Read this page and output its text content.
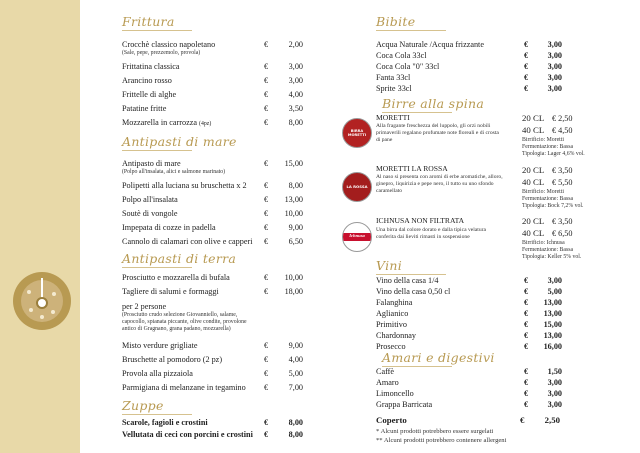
Frittura
Crocchè classico napoletano
(Sale, pepe, prezzemolo, provola)
€	2,00
Frittatina classica	€	3,00
Arancino rosso	€	3,00
Frittelle di alghe	€	4,00
Patatine fritte	€	3,50
Mozzarella in carrozza (4pz)	€	8,00
Antipasti di mare
Antipasto di mare
(Polpo all'insalata, alici e salmone marinato)
€	15,00
Polipetti alla luciana su bruschetta x 2 €	8,00
Polpo all'insalata	€	13,00
Soutè di vongole	€	10,00
Impepata di cozze in padella	€	9,00
Cannolo di calamari con olive e capperi €	6,50
Antipasti di terra
Prosciutto e mozzarella di bufala	€	10,00
Tagliere di salumi e formaggi	€	18,00
per 2 persone
(Prosciutto crudo selezione Giovanniello, salame,
capocollo, spianata piccante, olive condite, provolone
antico di Gragnano, grana padano, mozzarella)
Misto verdure grigliate	€	9,00
Bruschette al pomodoro (2 pz)	€	4,00
Provola alla pizzaiola	€	5,00
Parmigiana di melanzane in tegamino €	7,00
Zuppe
Scarole, fagioli e crostini	€	8,00
Vellutata di ceci con porcini e crostini €	8,00
Bibite
Acqua Naturale /Acqua frizzante	€	3,00
Coca Cola 33cl	€	3,00
Coca Cola "0" 33cl	€	3,00
Fanta 33cl	€	3,00
Sprite 33cl	€	3,00
Birre alla spina
BIRRA MORETTI
MORETTI
Alla fragante freschezza del luppolo, gli orzi nobili primaverili regalano profumate note floreali e di crosta di pane
20 CL € 2,50
40 CL € 4,50
Birrificio: Moretti
Fermentazione: Bassa
Tipologia: Lager 4,6% vol.
LA ROSSA
MORETTI LA ROSSA
Al naso si presenta con aromi di erbe aromatiche, alloro, ginepro, liquirizia e pepe nero, il tutto su uno sfondo caramellato
20 CL € 3,50
40 CL € 5,50
Birrificio: Moretti
Fermentazione: Bassa
Tipologia: Bock 7,2% vol.
Ichnusa
ICHNUSA NON FILTRATA
Una birra dal colore dorato e dalla tipica velatura conferita dai lieviti rimasti in sospensione
20 CL € 3,50
40 CL € 6,50
Birrificio: Ichnusa
Fermentazione: Bassa
Tipologia: Keller 5% vol.
Vini
Vino della casa 1/4	€	3,00
Vino della casa 0,50 cl	€	5,00
Falanghina	€	13,00
Aglianico	€	13,00
Primitivo	€	15,00
Chardonnay	€	13,00
Prosecco	€	16,00
Amari e digestivi
Caffè	€	1,50
Amaro	€	3,00
Limoncello	€	3,00
Grappa Barricata	€	3,00
Coperto	€	2,50
* Alcuni prodotti potrebbero essere surgelati
** Alcuni prodotti potrebbero contenere allergeni
